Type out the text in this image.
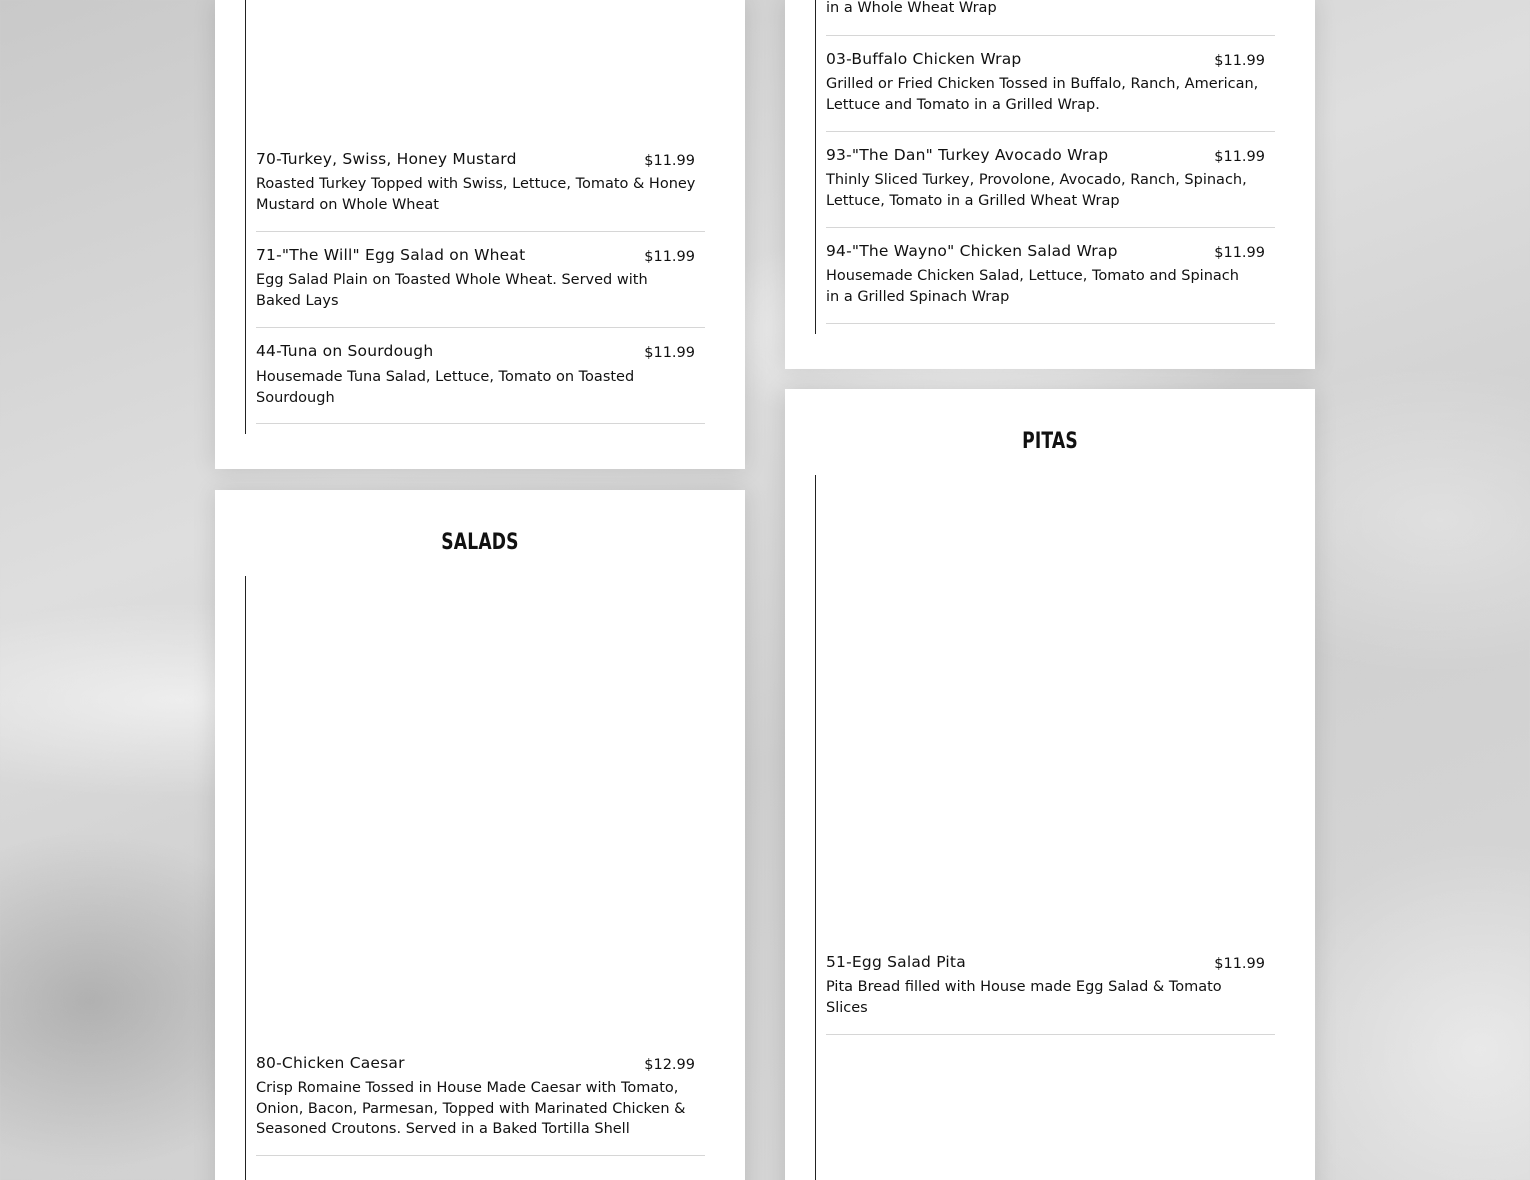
70-Turkey, Swiss, Honey Mustard	$11.99
Roasted Turkey Topped with Swiss, Lettuce, Tomato & Honey Mustard on Whole Wheat
71-"The Will" Egg Salad on Wheat	$11.99
Egg Salad Plain on Toasted Whole Wheat. Served with Baked Lays
44-Tuna on Sourdough	$11.99
Housemade Tuna Salad, Lettuce, Tomato on Toasted Sourdough
SALADS
80-Chicken Caesar	$12.99
Crisp Romaine Tossed in House Made Caesar with Tomato, Onion, Bacon, Parmesan, Topped with Marinated Chicken & Seasoned Croutons. Served in a Baked Tortilla Shell
in a Whole Wheat Wrap
03-Buffalo Chicken Wrap	$11.99
Grilled or Fried Chicken Tossed in Buffalo, Ranch, American, Lettuce and Tomato in a Grilled Wrap.
93-"The Dan" Turkey Avocado Wrap	$11.99
Thinly Sliced Turkey, Provolone, Avocado, Ranch, Spinach, Lettuce, Tomato in a Grilled Wheat Wrap
94-"The Wayno" Chicken Salad Wrap	$11.99
Housemade Chicken Salad, Lettuce, Tomato and Spinach in a Grilled Spinach Wrap
PITAS
51-Egg Salad Pita	$11.99
Pita Bread filled with House made Egg Salad & Tomato Slices
